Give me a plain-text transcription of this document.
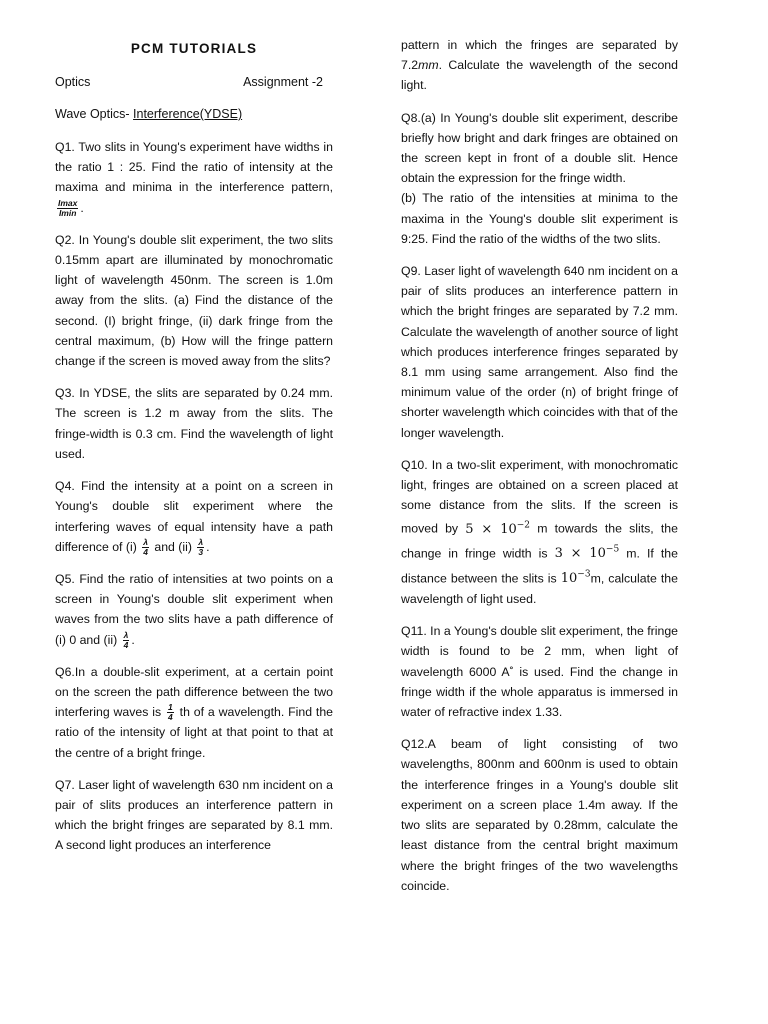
PCM TUTORIALS
Optics	Assignment -2
Wave Optics- Interference(YDSE)

Q1. Two slits in Young's experiment have widths in the ratio 1 : 25. Find the ratio of intensity at the maxima and minima in the interference pattern,
$\frac{Imax}{Imin}$ .

Q2. In Young's double slit experiment, the two slits 0.15mm apart are illuminated by monochromatic light of wavelength 450nm. The screen is 1.0m away from the slits. (a) Find the distance of the second. (I) bright fringe, (ii) dark fringe from the central maximum, (b) How will the fringe pattern change if the screen is moved away from the slits?

Q3. In YDSE, the slits are separated by 0.24 mm. The screen is 1.2 m away from the slits. The fringe-width is 0.3 cm. Find the wavelength of light used.

Q4. Find the intensity at a point on a screen in Young's double slit experiment where the interfering waves of equal intensity have a path difference of $(i) \frac{\lambda}{4}$ and $(ii) \frac{\lambda}{3}$ .

Q5. Find the ratio of intensities at two points on a screen in Young's double slit experiment when waves from the two slits have a path difference of (i) 0 and $(ii) \frac{\lambda}{4}$ .

Q6.In a double-slit experiment, at a certain point on the screen the path difference between the two interfering waves is $\frac{1}{4}$ th of a wavelength. Find the ratio of the intensity of light at that point to that at the centre of a bright fringe.

Q7. Laser light of wavelength 630 nm incident on a pair of slits produces an interference pattern in which the bright fringes are separated by 8.1 mm. A second light produces an interference

pattern in which the fringes are separated by 7.2mm. Calculate the wavelength of the second light.

Q8.(a) In Young's double slit experiment, describe briefly how bright and dark fringes are obtained on the screen kept in front of a double slit. Hence obtain the expression for the fringe width.

(b) The ratio of the intensities at minima to the maxima in the Young's double slit experiment is 9:25. Find the ratio of the widths of the two slits.

Q9. Laser light of wavelength 640 nm incident on a pair of slits produces an interference pattern in which the bright fringes are separated by 7.2 mm. Calculate the wavelength of another source of light which produces interference fringes separated by 8.1 mm using same arrangement. Also find the minimum value of the order (n) of bright fringe of shorter wavelength which coincides with that of the longer wavelength.

Q10. In a two-slit experiment, with monochromatic light, fringes are obtained on a screen placed at some distance from the slits. If the screen is moved by $5 \times 10^{-2}$ m towards the slits, the change in fringe width is $3 \times 10^{-5}$ m. If the distance between the slits is $10^{-3}m$, calculate the wavelength of light used.

Q11. In a Young's double slit experiment, the fringe width is found to be 2 mm, when light of wavelength 6000 A˚ is used. Find the change in fringe width if the whole apparatus is immersed in water of refractive index 1.33.

Q12.A beam of light consisting of two wavelengths, 800nm and 600nm is used to obtain the interference fringes in a Young's double slit experiment on a screen place 1.4m away. If the two slits are separated by 0.28mm, calculate the least distance from the central bright maximum where the bright fringes of the two wavelengths coincide.
